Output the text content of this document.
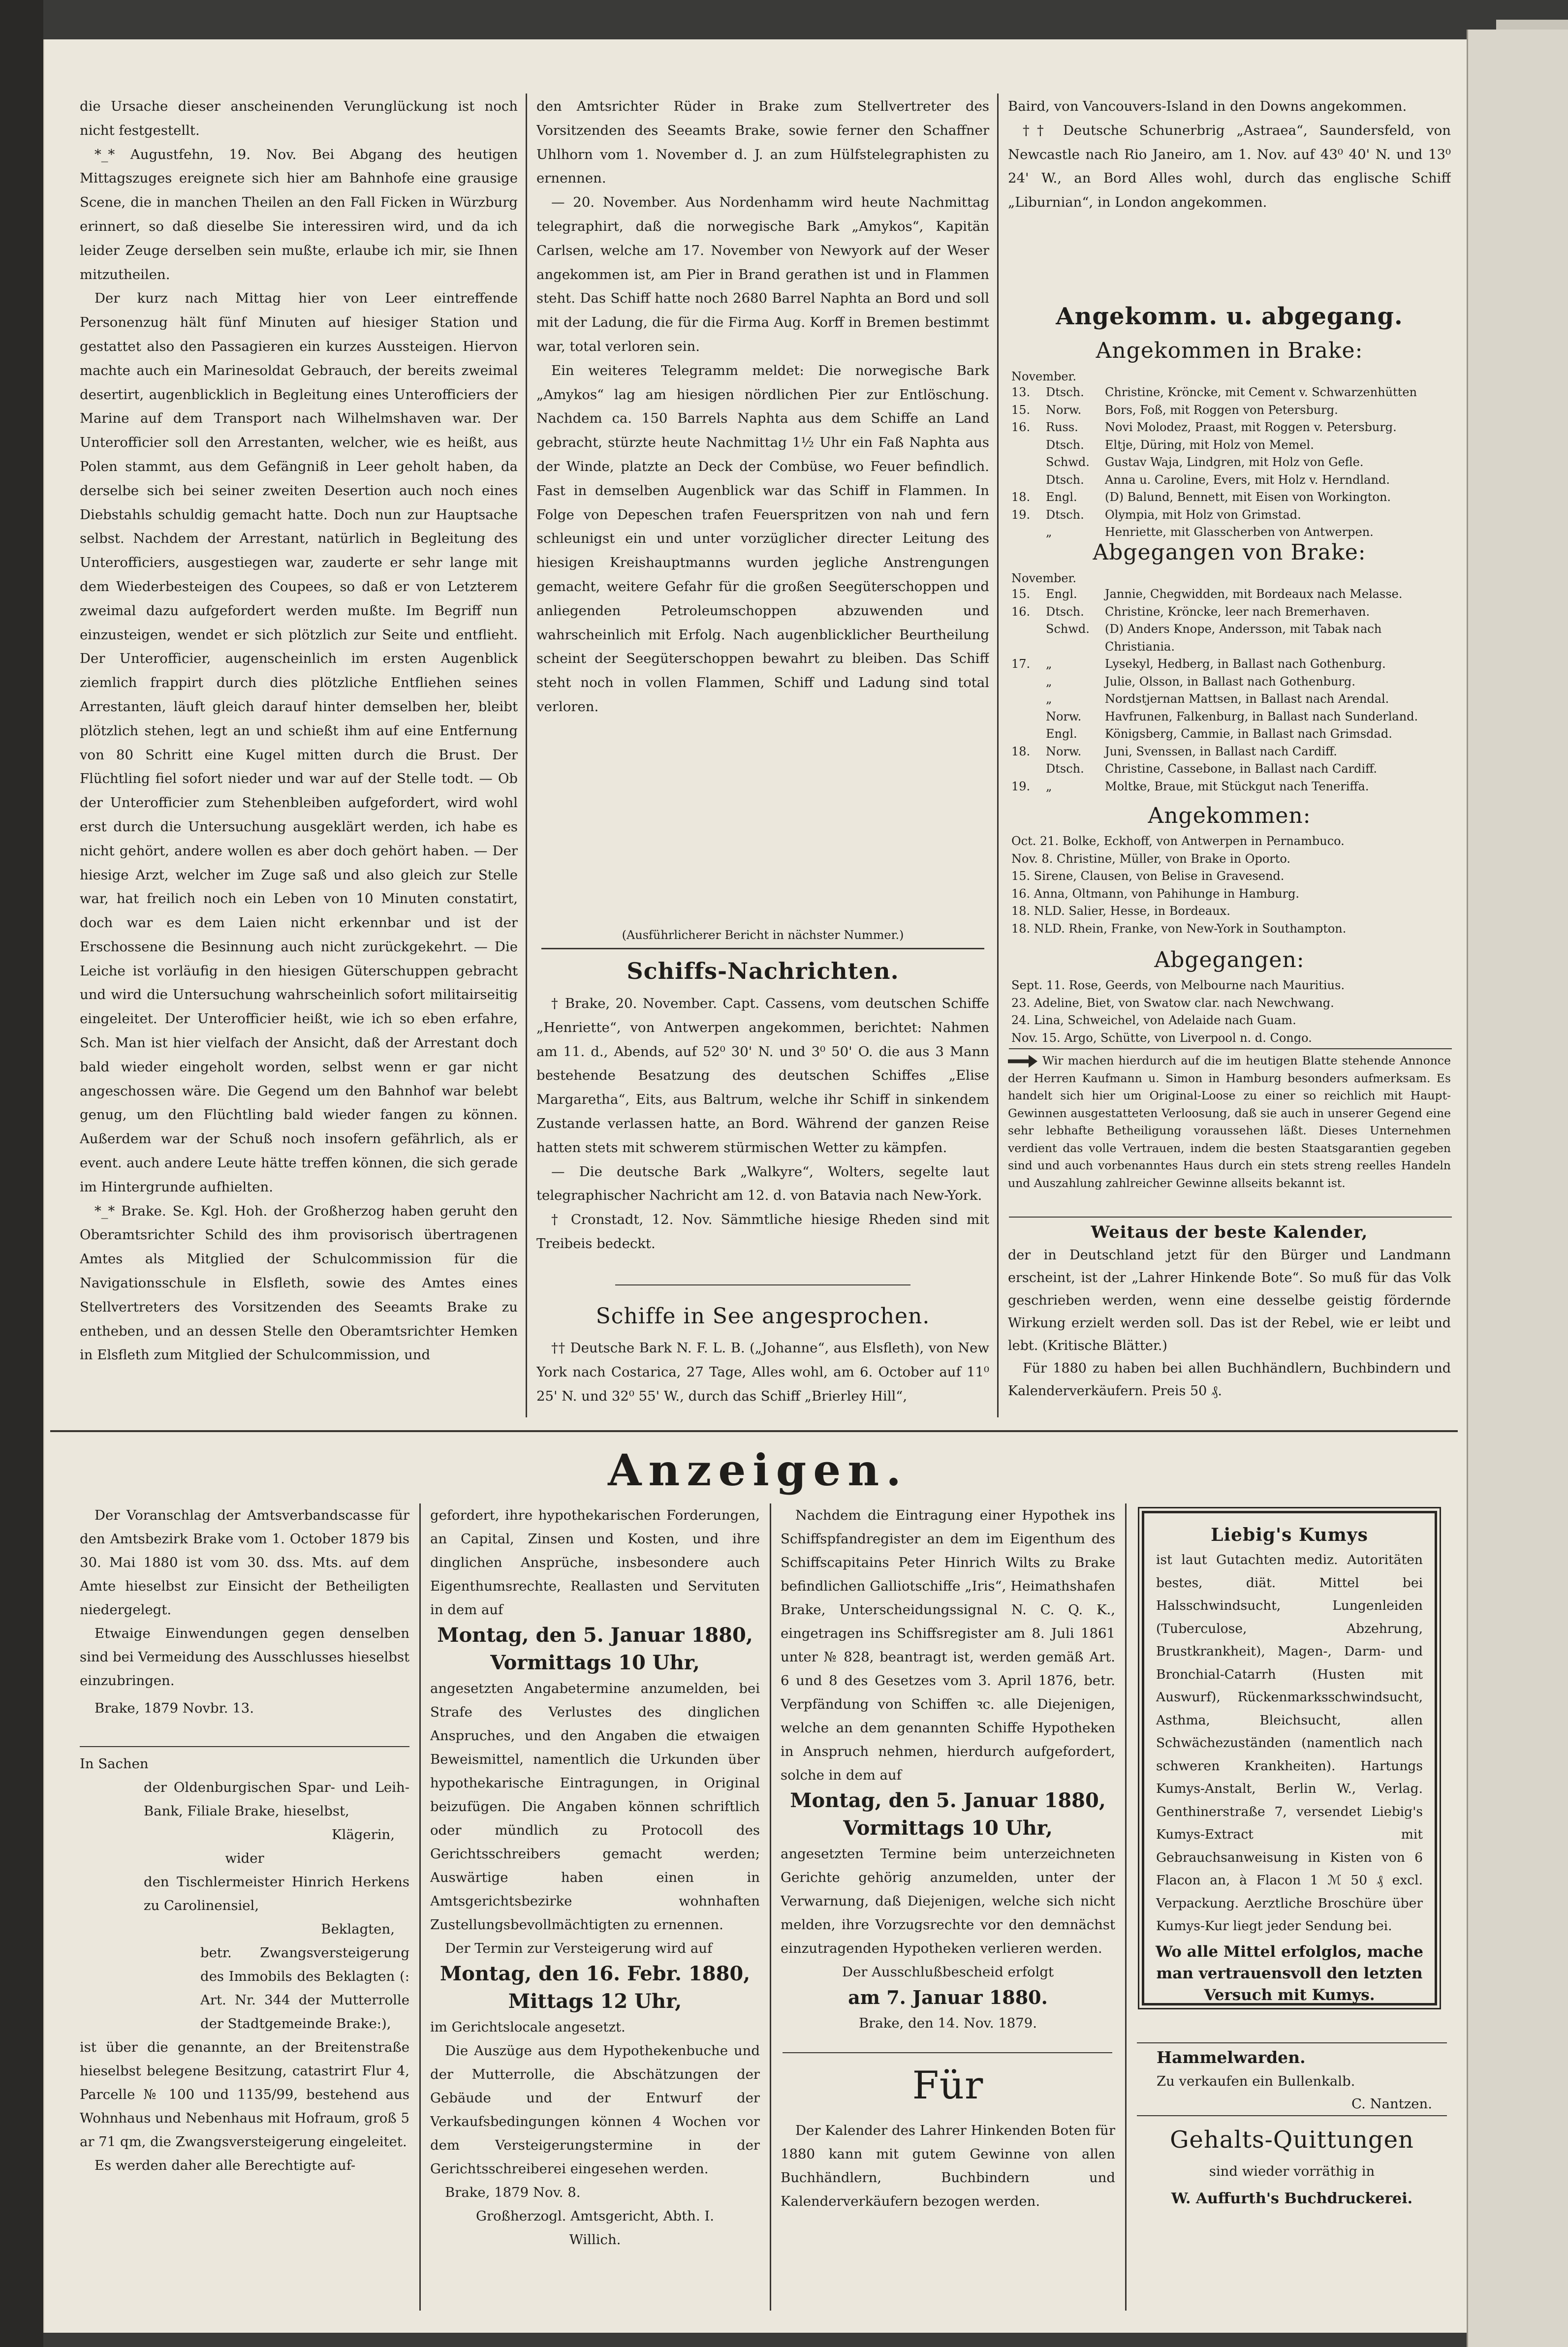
die Ursache dieser anscheinenden Verunglückung ist noch nicht festgestellt.

*_* Augustfehn, 19. Nov. Bei Abgang des heutigen Mittagszuges ereignete sich hier am Bahnhofe eine grausige Scene, die in manchen Theilen an den Fall Ficken in Würzburg erinnert, so daß dieselbe Sie interessiren wird, und da ich leider Zeuge derselben sein mußte, erlaube ich mir, sie Ihnen mitzutheilen.

Der kurz nach Mittag hier von Leer eintreffende Personenzug hält fünf Minuten auf hiesiger Station und gestattet also den Passagieren ein kurzes Aussteigen. Hiervon machte auch ein Marinesoldat Gebrauch, der bereits zweimal desertirt, augenblicklich in Begleitung eines Unterofficiers der Marine auf dem Transport nach Wilhelmshaven war. Der Unterofficier soll den Arrestanten, welcher, wie es heißt, aus Polen stammt, aus dem Gefängniß in Leer geholt haben, da derselbe sich bei seiner zweiten Desertion auch noch eines Diebstahls schuldig gemacht hatte. Doch nun zur Hauptsache selbst. Nachdem der Arrestant, natürlich in Begleitung des Unterofficiers, ausgestiegen war, zauderte er sehr lange mit dem Wiederbesteigen des Coupees, so daß er von Letzterem zweimal dazu aufgefordert werden mußte. Im Begriff nun einzusteigen, wendet er sich plötzlich zur Seite und entflieht. Der Unterofficier, augenscheinlich im ersten Augenblick ziemlich frappirt durch dies plötzliche Entfliehen seines Arrestanten, läuft gleich darauf hinter demselben her, bleibt plötzlich stehen, legt an und schießt ihm auf eine Entfernung von 80 Schritt eine Kugel mitten durch die Brust. Der Flüchtling fiel sofort nieder und war auf der Stelle todt. — Ob der Unterofficier zum Stehenbleiben aufgefordert, wird wohl erst durch die Untersuchung ausgeklärt werden, ich habe es nicht gehört, andere wollen es aber doch gehört haben. — Der hiesige Arzt, welcher im Zuge saß und also gleich zur Stelle war, hat freilich noch ein Leben von 10 Minuten constatirt, doch war es dem Laien nicht erkennbar und ist der Erschossene die Besinnung auch nicht zurückgekehrt. — Die Leiche ist vorläufig in den hiesigen Güterschuppen gebracht und wird die Untersuchung wahrscheinlich sofort militairseitig eingeleitet. Der Unterofficier heißt, wie ich so eben erfahre, Sch. Man ist hier vielfach der Ansicht, daß der Arrestant doch bald wieder eingeholt worden, selbst wenn er gar nicht angeschossen wäre. Die Gegend um den Bahnhof war belebt genug, um den Flüchtling bald wieder fangen zu können. Außerdem war der Schuß noch insofern gefährlich, als er event. auch andere Leute hätte treffen können, die sich gerade im Hintergrunde aufhielten.

*_* Brake. Se. Kgl. Hoh. der Großherzog haben geruht den Oberamtsrichter Schild des ihm provisorisch übertragenen Amtes als Mitglied der Schulcommission für die Navigationsschule in Elsfleth, sowie des Amtes eines Stellvertreters des Vorsitzenden des Seeamts Brake zu entheben, und an dessen Stelle den Oberamtsrichter Hemken in Elsfleth zum Mitglied der Schulcommission, und

den Amtsrichter Rüder in Brake zum Stellvertreter des Vorsitzenden des Seeamts Brake, sowie ferner den Schaffner Uhlhorn vom 1. November d. J. an zum Hülfstelegraphisten zu ernennen.

— 20. November. Aus Nordenhamm wird heute Nachmittag telegraphirt, daß die norwegische Bark „Amykos“, Kapitän Carlsen, welche am 17. November von Newyork auf der Weser angekommen ist, am Pier in Brand gerathen ist und in Flammen steht. Das Schiff hatte noch 2680 Barrel Naphta an Bord und soll mit der Ladung, die für die Firma Aug. Korff in Bremen bestimmt war, total verloren sein.

Ein weiteres Telegramm meldet: Die norwegische Bark „Amykos“ lag am hiesigen nördlichen Pier zur Entlöschung. Nachdem ca. 150 Barrels Naphta aus dem Schiffe an Land gebracht, stürzte heute Nachmittag 1½ Uhr ein Faß Naphta aus der Winde, platzte an Deck der Combüse, wo Feuer befindlich. Fast in demselben Augenblick war das Schiff in Flammen. In Folge von Depeschen trafen Feuerspritzen von nah und fern schleunigst ein und unter vorzüglicher directer Leitung des hiesigen Kreishauptmanns wurden jegliche Anstrengungen gemacht, weitere Gefahr für die großen Seegüterschoppen und anliegenden Petroleumschoppen abzuwenden und wahrscheinlich mit Erfolg. Nach augenblicklicher Beurtheilung scheint der Seegüterschoppen bewahrt zu bleiben. Das Schiff steht noch in vollen Flammen, Schiff und Ladung sind total verloren.

(Ausführlicherer Bericht in nächster Nummer.)
Schiffs-Nachrichten.

† Brake, 20. November. Capt. Cassens, vom deutschen Schiffe „Henriette“, von Antwerpen angekommen, berichtet: Nahmen am 11. d., Abends, auf 52⁰ 30' N. und 3⁰ 50' O. die aus 3 Mann bestehende Besatzung des deutschen Schiffes „Elise Margaretha“, Eits, aus Baltrum, welche ihr Schiff in sinkendem Zustande verlassen hatte, an Bord. Während der ganzen Reise hatten stets mit schwerem stürmischen Wetter zu kämpfen.

— Die deutsche Bark „Walkyre“, Wolters, segelte laut telegraphischer Nachricht am 12. d. von Batavia nach New-York.

† Cronstadt, 12. Nov. Sämmtliche hiesige Rheden sind mit Treibeis bedeckt.

Schiffe in See angesprochen.

†† Deutsche Bark N. F. L. B. („Johanne“, aus Elsfleth), von New York nach Costarica, 27 Tage, Alles wohl, am 6. October auf 11⁰ 25' N. und 32⁰ 55' W., durch das Schiff „Brierley Hill“,

Baird, von Vancouvers-Island in den Downs angekommen.

†† Deutsche Schunerbrig „Astraea“, Saundersfeld, von Newcastle nach Rio Janeiro, am 1. Nov. auf 43⁰ 40' N. und 13⁰ 24' W., an Bord Alles wohl, durch das englische Schiff „Liburnian“, in London angekommen.

Angekomm. u. abgegang.
Angekommen in Brake:
November.
13. Dtsch. Christine, Kröncke, mit Cement v. Schwarzenhütten
15. Norw. Bors, Foß, mit Roggen von Petersburg.
16. Russ. Novi Molodez, Praast, mit Roggen v. Petersburg.
Dtsch. Eltje, Düring, mit Holz von Memel.
Schwd. Gustav Waja, Lindgren, mit Holz von Gefle.
Dtsch. Anna u. Caroline, Evers, mit Holz v. Herndland.
18. Engl. (D) Balund, Bennett, mit Eisen von Workington.
19. Dtsch. Olympia, mit Holz von Grimstad.
„	Henriette, mit Glasscherben von Antwerpen.
Abgegangen von Brake:
November.
15. Engl. Jannie, Chegwidden, mit Bordeaux nach Melasse.
16. Dtsch. Christine, Kröncke, leer nach Bremerhaven.
Schwd. (D) Anders Knope, Andersson, mit Tabak nach
Christiania.
17. „	Lysekyl, Hedberg, in Ballast nach Gothenburg.
„	Julie, Olsson, in Ballast nach Gothenburg.
„	Nordstjernan Mattsen, in Ballast nach Arendal.
Norw. Havfrunen, Falkenburg, in Ballast nach Sunderland.
Engl. Königsberg, Cammie, in Ballast nach Grimsdad.
18. Norw. Juni, Svenssen, in Ballast nach Cardiff.
Dtsch. Christine, Cassebone, in Ballast nach Cardiff.
19. „	Moltke, Braue, mit Stückgut nach Teneriffa.
Angekommen:
Oct. 21. Bolke, Eckhoff, von Antwerpen in Pernambuco.
Nov. 8. Christine, Müller, von Brake in Oporto.
15. Sirene, Clausen, von Belise in Gravesend.
16. Anna, Oltmann, von Pahihunge in Hamburg.
18. NLD. Salier, Hesse, in Bordeaux.
18. NLD. Rhein, Franke, von New-York in Southampton.
Abgegangen:
Sept. 11. Rose, Geerds, von Melbourne nach Mauritius.
23. Adeline, Biet, von Swatow clar. nach Newchwang.
24. Lina, Schweichel, von Adelaide nach Guam.
Nov. 15. Argo, Schütte, von Liverpool n. d. Congo.
Wir machen hierdurch auf die im heutigen Blatte stehende Annonce der Herren Kaufmann u. Simon in Hamburg besonders aufmerksam. Es handelt sich hier um Original-Loose zu einer so reichlich mit Haupt-Gewinnen ausgestatteten Verloosung, daß sie auch in unserer Gegend eine sehr lebhafte Betheiligung voraussehen läßt. Dieses Unternehmen verdient das volle Vertrauen, indem die besten Staatsgarantien gegeben sind und auch vorbenanntes Haus durch ein stets streng reelles Handeln und Auszahlung zahlreicher Gewinne allseits bekannt ist.
Weitaus der beste Kalender,

der in Deutschland jetzt für den Bürger und Landmann erscheint, ist der „Lahrer Hinkende Bote“. So muß für das Volk geschrieben werden, wenn eine desselbe geistig fördernde Wirkung erzielt werden soll. Das ist der Rebel, wie er leibt und lebt. (Kritische Blätter.)

Für 1880 zu haben bei allen Buchhändlern, Buchbindern und Kalenderverkäufern. Preis 50 ₰.

Anzeigen.

Der Voranschlag der Amtsverbandscasse für den Amtsbezirk Brake vom 1. October 1879 bis 30. Mai 1880 ist vom 30. dss. Mts. auf dem Amte hieselbst zur Einsicht der Betheiligten niedergelegt.

Etwaige Einwendungen gegen denselben sind bei Vermeidung des Ausschlusses hieselbst einzubringen.

Brake, 1879 Novbr. 13.

In Sachen

der Oldenburgischen Spar- und Leih-Bank, Filiale Brake, hieselbst,

Klägerin,

wider

den Tischlermeister Hinrich Herkens zu Carolinensiel,

Beklagten,

betr. Zwangsversteigerung des Immobils des Beklagten (: Art. Nr. 344 der Mutterrolle der Stadtgemeinde Brake:),

ist über die genannte, an der Breitenstraße hieselbst belegene Besitzung, catastrirt Flur 4, Parcelle № 100 und 1135/99, bestehend aus Wohnhaus und Nebenhaus mit Hofraum, groß 5 ar 71 qm, die Zwangsversteigerung eingeleitet.

Es werden daher alle Berechtigte auf-

gefordert, ihre hypothekarischen Forderungen, an Capital, Zinsen und Kosten, und ihre dinglichen Ansprüche, insbesondere auch Eigenthumsrechte, Reallasten und Servituten in dem auf

Montag, den 5. Januar 1880,
Vormittags 10 Uhr,

angesetzten Angabetermine anzumelden, bei Strafe des Verlustes des dinglichen Anspruches, und den Angaben die etwaigen Beweismittel, namentlich die Urkunden über hypothekarische Eintragungen, in Original beizufügen. Die Angaben können schriftlich oder mündlich zu Protocoll des Gerichtsschreibers gemacht werden; Auswärtige haben einen in Amtsgerichtsbezirke wohnhaften Zustellungsbevollmächtigten zu ernennen.

Der Termin zur Versteigerung wird auf

Montag, den 16. Febr. 1880,
Mittags 12 Uhr,

im Gerichtslocale angesetzt.

Die Auszüge aus dem Hypothekenbuche und der Mutterrolle, die Abschätzungen der Gebäude und der Entwurf der Verkaufsbedingungen können 4 Wochen vor dem Versteigerungstermine in der Gerichtsschreiberei eingesehen werden.

Brake, 1879 Nov. 8.

Großherzogl. Amtsgericht, Abth. I.

Willich.

Nachdem die Eintragung einer Hypothek ins Schiffspfandregister an dem im Eigenthum des Schiffscapitains Peter Hinrich Wilts zu Brake befindlichen Galliotschiffe „Iris“, Heimathshafen Brake, Unterscheidungssignal N. C. Q. K., eingetragen ins Schiffsregister am 8. Juli 1861 unter № 828, beantragt ist, werden gemäß Art. 6 und 8 des Gesetzes vom 3. April 1876, betr. Verpfändung von Schiffen ꝛc. alle Diejenigen, welche an dem genannten Schiffe Hypotheken in Anspruch nehmen, hierdurch aufgefordert, solche in dem auf

Montag, den 5. Januar 1880,
Vormittags 10 Uhr,

angesetzten Termine beim unterzeichneten Gerichte gehörig anzumelden, unter der Verwarnung, daß Diejenigen, welche sich nicht melden, ihre Vorzugsrechte vor den demnächst einzutragenden Hypotheken verlieren werden.

Der Ausschlußbescheid erfolgt

am 7. Januar 1880.

Brake, den 14. Nov. 1879.

Für

Der Kalender des Lahrer Hinkenden Boten für 1880 kann mit gutem Gewinne von allen Buchhändlern, Buchbindern und Kalenderverkäufern bezogen werden.

Liebig's Kumys
ist laut Gutachten mediz. Autoritäten bestes, diät. Mittel bei Halsschwindsucht, Lungenleiden (Tuberculose, Abzehrung, Brustkrankheit), Magen-, Darm- und Bronchial-Catarrh (Husten mit Auswurf), Rückenmarksschwindsucht, Asthma, Bleichsucht, allen Schwächezuständen (namentlich nach schweren Krankheiten). Hartungs Kumys-Anstalt, Berlin W., Verlag. Genthinerstraße 7, versendet Liebig's Kumys-Extract mit Gebrauchsanweisung in Kisten von 6 Flacon an, à Flacon 1 ℳ 50 ₰ excl. Verpackung. Aerztliche Broschüre über Kumys-Kur liegt jeder Sendung bei.
Wo alle Mittel erfolglos, mache man vertrauensvoll den letzten Versuch mit Kumys.
Hammelwarden.
Zu verkaufen ein Bullenkalb.
C. Nantzen.
Gehalts-Quittungen
sind wieder vorräthig in
W. Auffurth's Buchdruckerei.
